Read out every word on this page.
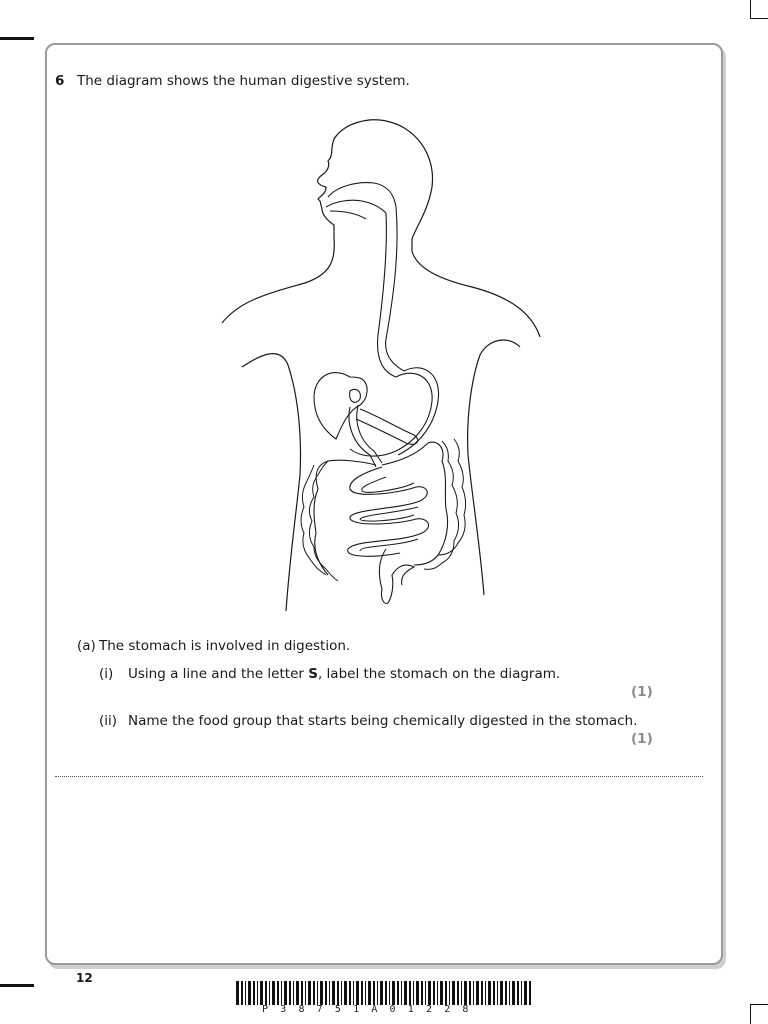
6 The diagram shows the human digestive system.
(a) The stomach is involved in digestion.
(i) Using a line and the letter S, label the stomach on the diagram.
(1)
(ii) Name the food group that starts being chemically digested in the stomach.
(1)
12
P38751A01228
